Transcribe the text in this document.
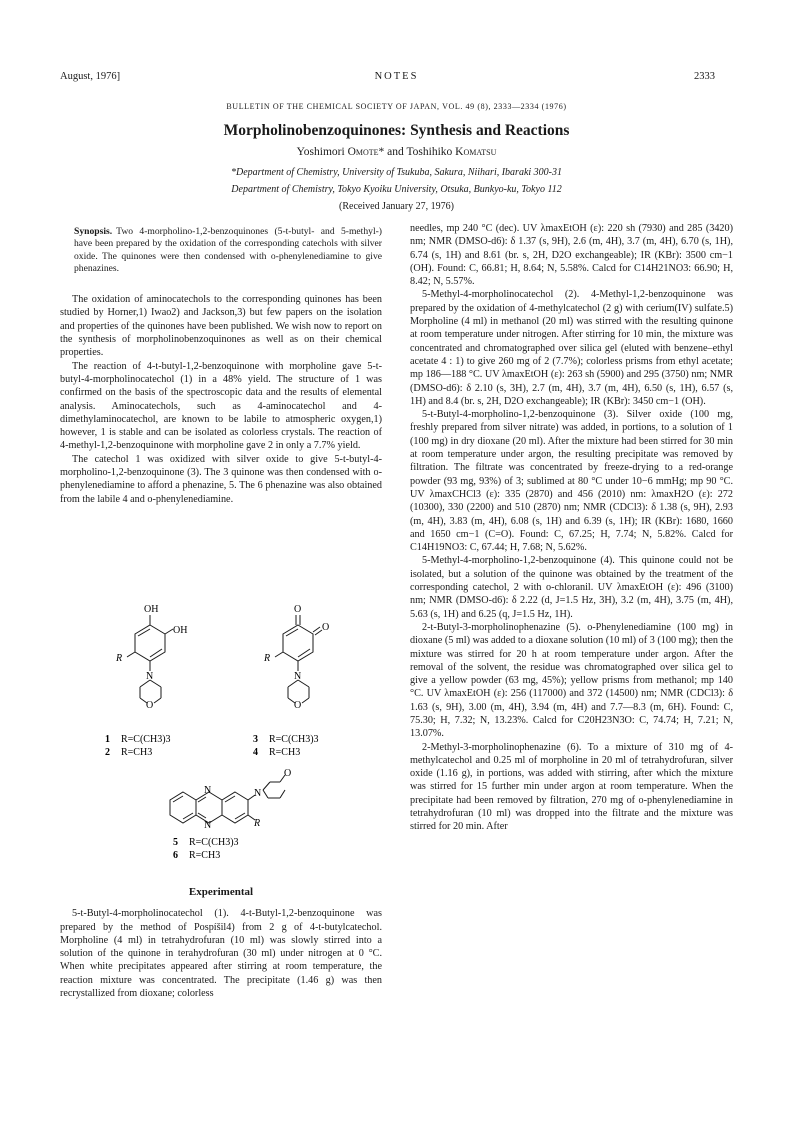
August, 1976]	NOTES	2333
BULLETIN OF THE CHEMICAL SOCIETY OF JAPAN, VOL. 49 (8), 2333—2334 (1976)
Morpholinobenzoquinones: Synthesis and Reactions
Yoshimori Omote* and Toshihiko Komatsu
*Department of Chemistry, University of Tsukuba, Sakura, Niihari, Ibaraki 300-31
Department of Chemistry, Tokyo Kyoiku University, Otsuka, Bunkyo-ku, Tokyo 112
(Received January 27, 1976)

Synopsis. Two 4-morpholino-1,2-benzoquinones (5-t-butyl- and 5-methyl-) have been prepared by the oxidation of the corresponding catechols with silver oxide. The quinones were then condensed with o-phenylenediamine to give phenazines.

The oxidation of aminocatechols to the corresponding quinones has been studied by Horner,1) Iwao2) and Jackson,3) but few papers on the isolation and properties of the quinones have been published. We wish now to report on the synthesis of morpholinobenzoquinones as well as on their chemical properties.

The reaction of 4-t-butyl-1,2-benzoquinone with morpholine gave 5-t-butyl-4-morpholinocatechol (1) in a 48% yield. The structure of 1 was confirmed on the basis of the spectroscopic data and the results of elemental analysis. Aminocatechols, such as 4-aminocatechol and 4-dimethylaminocatechol, are known to be labile to atmospheric oxygen,1) however, 1 is stable and can be isolated as colorless crystals. The reaction of 4-methyl-1,2-benzoquinone with morpholine gave 2 in only a 7.7% yield.

The catechol 1 was oxidized with silver oxide to give 5-t-butyl-4-morpholino-1,2-benzoquinone (3). The 3 quinone was then condensed with o-phenylenediamine to afford a phenazine, 5. The 6 phenazine was also obtained from the labile 4 and o-phenylenediamine.

OH
OH
R
N
O
1 R=C(CH3)3
2 R=CH3
O
O
R
N
O
3 R=C(CH3)3
4 R=CH3
N
N
N
O
R
5 R=C(CH3)3
6 R=CH3

Experimental

5-t-Butyl-4-morpholinocatechol (1). 4-t-Butyl-1,2-benzoquinone was prepared by the method of Pospíšil4) from 2 g of 4-t-butylcatechol. Morpholine (4 ml) in tetrahydrofuran (10 ml) was slowly stirred into a solution of the quinone in terahydrofuran (30 ml) under nitrogen at 0 °C. When white precipitates appeared after stirring at room temperature, the reaction mixture was concentrated. The precipitate (1.46 g) was then recrystallized from dioxane; colorless

needles, mp 240 °C (dec). UV λmaxEtOH (ε): 220 sh (7930) and 285 (3420) nm; NMR (DMSO-d6): δ 1.37 (s, 9H), 2.6 (m, 4H), 3.7 (m, 4H), 6.70 (s, 1H), 6.74 (s, 1H) and 8.61 (br. s, 2H, D2O exchangeable); IR (KBr): 3500 cm−1 (OH). Found: C, 66.81; H, 8.64; N, 5.58%. Calcd for C14H21NO3: 66.90; H, 8.42; N, 5.57%.

5-Methyl-4-morpholinocatechol (2). 4-Methyl-1,2-benzoquinone was prepared by the oxidation of 4-methylcatechol (2 g) with cerium(IV) sulfate.5) Morpholine (4 ml) in methanol (20 ml) was stirred with the resulting quinone at room temperature under nitrogen. After stirring for 10 min, the mixture was concentrated and chromatographed over silica gel (eluted with benzene–ethyl acetate 4 : 1) to give 260 mg of 2 (7.7%); colorless prisms from ethyl acetate; mp 186—188 °C. UV λmaxEtOH (ε): 263 sh (5900) and 295 (3750) nm; NMR (DMSO-d6): δ 2.10 (s, 3H), 2.7 (m, 4H), 3.7 (m, 4H), 6.50 (s, 1H), 6.57 (s, 1H) and 8.4 (br. s, 2H, D2O exchangeable); IR (KBr): 3450 cm−1 (OH).

5-t-Butyl-4-morpholino-1,2-benzoquinone (3). Silver oxide (100 mg, freshly prepared from silver nitrate) was added, in portions, to a solution of 1 (100 mg) in dry dioxane (20 ml). After the mixture had been stirred for 30 min at room temperature under argon, the resulting precipitate was removed by filtration. The filtrate was concentrated by freeze-drying to a red-orange powder (93 mg, 93%) of 3; sublimed at 80 °C under 10−6 mmHg; mp 90 °C. UV λmaxCHCl3 (ε): 335 (2870) and 456 (2010) nm: λmaxH2O (ε): 272 (10300), 330 (2200) and 510 (2870) nm; NMR (CDCl3): δ 1.38 (s, 9H), 2.93 (m, 4H), 3.83 (m, 4H), 6.08 (s, 1H) and 6.39 (s, 1H); IR (KBr): 1680, 1660 and 1650 cm−1 (C=O). Found: C, 67.25; H, 7.74; N, 5.82%. Calcd for C14H19NO3: C, 67.44; H, 7.68; N, 5.62%.

5-Methyl-4-morpholino-1,2-benzoquinone (4). This quinone could not be isolated, but a solution of the quinone was obtained by the treatment of the corresponding catechol, 2 with o-chloranil. UV λmaxEtOH (ε): 496 (3100) nm; NMR (DMSO-d6): δ 2.22 (d, J=1.5 Hz, 3H), 3.2 (m, 4H), 3.75 (m, 4H), 5.63 (s, 1H) and 6.25 (q, J=1.5 Hz, 1H).

2-t-Butyl-3-morpholinophenazine (5). o-Phenylenediamine (100 mg) in dioxane (5 ml) was added to a dioxane solution (10 ml) of 3 (100 mg); then the mixture was stirred for 20 h at room temperature under argon. After the removal of the solvent, the residue was chromatographed over silica gel to give a yellow powder (63 mg, 45%); yellow prisms from methanol; mp 140 °C. UV λmaxEtOH (ε): 256 (117000) and 372 (14500) nm; NMR (CDCl3): δ 1.63 (s, 9H), 3.00 (m, 4H), 3.94 (m, 4H) and 7.7—8.3 (m, 6H). Found: C, 75.30; H, 7.32; N, 13.23%. Calcd for C20H23N3O: C, 74.74; H, 7.21; N, 13.07%.

2-Methyl-3-morpholinophenazine (6). To a mixture of 310 mg of 4-methylcatechol and 0.25 ml of morpholine in 20 ml of tetrahydrofuran, silver oxide (1.16 g), in portions, was added with stirring, after which the mixture was stirred for 15 further min under argon at room temperature. When the precipitate had been removed by filtration, 270 mg of o-phenylenediamine in tetrahydrofuran (10 ml) was dropped into the filtrate and the mixture was stirred for 20 min. After
